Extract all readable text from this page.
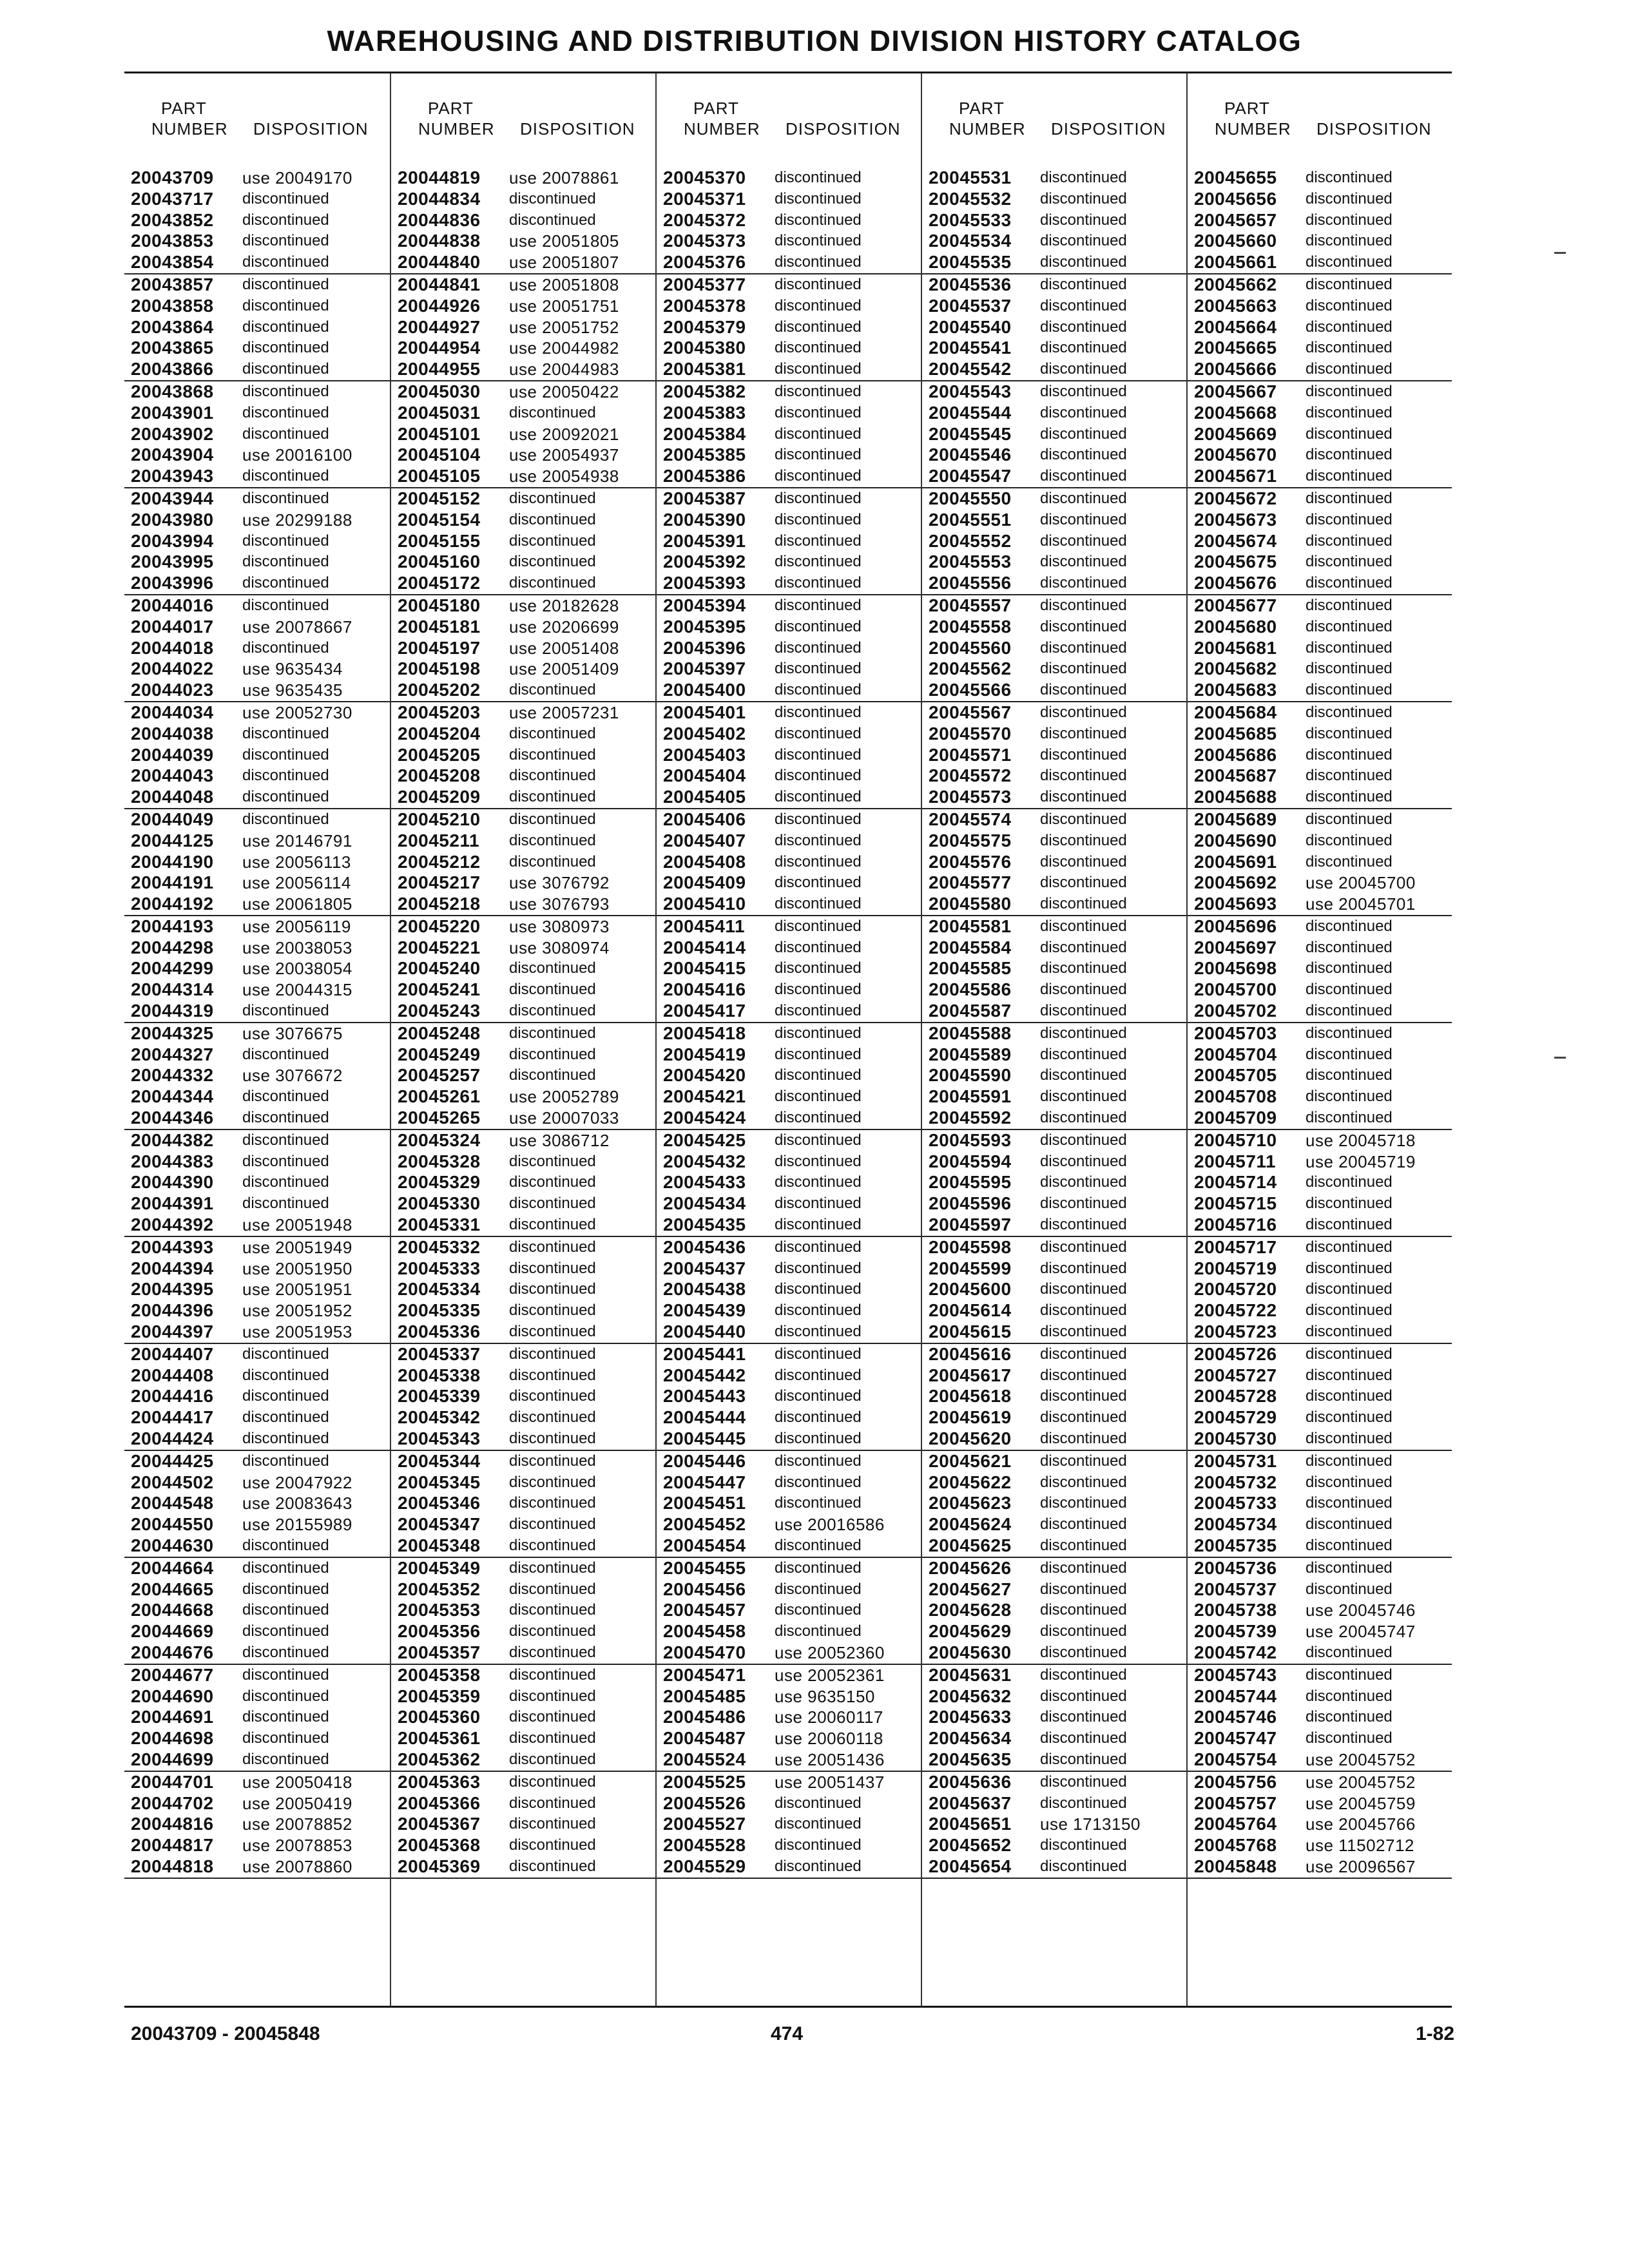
WAREHOUSING AND DISTRIBUTION DIVISION HISTORY CATALOG
PART
NUMBER DISPOSITION
20043709 use 20049170
20043717 discontinued
20043852 discontinued
20043853 discontinued
20043854 discontinued
20043857 discontinued
20043858 discontinued
20043864 discontinued
20043865 discontinued
20043866 discontinued
20043868 discontinued
20043901 discontinued
20043902 discontinued
20043904 use 20016100
20043943 discontinued
20043944 discontinued
20043980 use 20299188
20043994 discontinued
20043995 discontinued
20043996 discontinued
20044016 discontinued
20044017 use 20078667
20044018 discontinued
20044022 use 9635434
20044023 use 9635435
20044034 use 20052730
20044038 discontinued
20044039 discontinued
20044043 discontinued
20044048 discontinued
20044049 discontinued
20044125 use 20146791
20044190 use 20056113
20044191 use 20056114
20044192 use 20061805
20044193 use 20056119
20044298 use 20038053
20044299 use 20038054
20044314 use 20044315
20044319 discontinued
20044325 use 3076675
20044327 discontinued
20044332 use 3076672
20044344 discontinued
20044346 discontinued
20044382 discontinued
20044383 discontinued
20044390 discontinued
20044391 discontinued
20044392 use 20051948
20044393 use 20051949
20044394 use 20051950
20044395 use 20051951
20044396 use 20051952
20044397 use 20051953
20044407 discontinued
20044408 discontinued
20044416 discontinued
20044417 discontinued
20044424 discontinued
20044425 discontinued
20044502 use 20047922
20044548 use 20083643
20044550 use 20155989
20044630 discontinued
20044664 discontinued
20044665 discontinued
20044668 discontinued
20044669 discontinued
20044676 discontinued
20044677 discontinued
20044690 discontinued
20044691 discontinued
20044698 discontinued
20044699 discontinued
20044701 use 20050418
20044702 use 20050419
20044816 use 20078852
20044817 use 20078853
20044818 use 20078860
PART
NUMBER DISPOSITION
20044819 use 20078861
20044834 discontinued
20044836 discontinued
20044838 use 20051805
20044840 use 20051807
20044841 use 20051808
20044926 use 20051751
20044927 use 20051752
20044954 use 20044982
20044955 use 20044983
20045030 use 20050422
20045031 discontinued
20045101 use 20092021
20045104 use 20054937
20045105 use 20054938
20045152 discontinued
20045154 discontinued
20045155 discontinued
20045160 discontinued
20045172 discontinued
20045180 use 20182628
20045181 use 20206699
20045197 use 20051408
20045198 use 20051409
20045202 discontinued
20045203 use 20057231
20045204 discontinued
20045205 discontinued
20045208 discontinued
20045209 discontinued
20045210 discontinued
20045211 discontinued
20045212 discontinued
20045217 use 3076792
20045218 use 3076793
20045220 use 3080973
20045221 use 3080974
20045240 discontinued
20045241 discontinued
20045243 discontinued
20045248 discontinued
20045249 discontinued
20045257 discontinued
20045261 use 20052789
20045265 use 20007033
20045324 use 3086712
20045328 discontinued
20045329 discontinued
20045330 discontinued
20045331 discontinued
20045332 discontinued
20045333 discontinued
20045334 discontinued
20045335 discontinued
20045336 discontinued
20045337 discontinued
20045338 discontinued
20045339 discontinued
20045342 discontinued
20045343 discontinued
20045344 discontinued
20045345 discontinued
20045346 discontinued
20045347 discontinued
20045348 discontinued
20045349 discontinued
20045352 discontinued
20045353 discontinued
20045356 discontinued
20045357 discontinued
20045358 discontinued
20045359 discontinued
20045360 discontinued
20045361 discontinued
20045362 discontinued
20045363 discontinued
20045366 discontinued
20045367 discontinued
20045368 discontinued
20045369 discontinued
PART
NUMBER DISPOSITION
20045370 discontinued
20045371 discontinued
20045372 discontinued
20045373 discontinued
20045376 discontinued
20045377 discontinued
20045378 discontinued
20045379 discontinued
20045380 discontinued
20045381 discontinued
20045382 discontinued
20045383 discontinued
20045384 discontinued
20045385 discontinued
20045386 discontinued
20045387 discontinued
20045390 discontinued
20045391 discontinued
20045392 discontinued
20045393 discontinued
20045394 discontinued
20045395 discontinued
20045396 discontinued
20045397 discontinued
20045400 discontinued
20045401 discontinued
20045402 discontinued
20045403 discontinued
20045404 discontinued
20045405 discontinued
20045406 discontinued
20045407 discontinued
20045408 discontinued
20045409 discontinued
20045410 discontinued
20045411 discontinued
20045414 discontinued
20045415 discontinued
20045416 discontinued
20045417 discontinued
20045418 discontinued
20045419 discontinued
20045420 discontinued
20045421 discontinued
20045424 discontinued
20045425 discontinued
20045432 discontinued
20045433 discontinued
20045434 discontinued
20045435 discontinued
20045436 discontinued
20045437 discontinued
20045438 discontinued
20045439 discontinued
20045440 discontinued
20045441 discontinued
20045442 discontinued
20045443 discontinued
20045444 discontinued
20045445 discontinued
20045446 discontinued
20045447 discontinued
20045451 discontinued
20045452 use 20016586
20045454 discontinued
20045455 discontinued
20045456 discontinued
20045457 discontinued
20045458 discontinued
20045470 use 20052360
20045471 use 20052361
20045485 use 9635150
20045486 use 20060117
20045487 use 20060118
20045524 use 20051436
20045525 use 20051437
20045526 discontinued
20045527 discontinued
20045528 discontinued
20045529 discontinued
PART
NUMBER DISPOSITION
20045531 discontinued
20045532 discontinued
20045533 discontinued
20045534 discontinued
20045535 discontinued
20045536 discontinued
20045537 discontinued
20045540 discontinued
20045541 discontinued
20045542 discontinued
20045543 discontinued
20045544 discontinued
20045545 discontinued
20045546 discontinued
20045547 discontinued
20045550 discontinued
20045551 discontinued
20045552 discontinued
20045553 discontinued
20045556 discontinued
20045557 discontinued
20045558 discontinued
20045560 discontinued
20045562 discontinued
20045566 discontinued
20045567 discontinued
20045570 discontinued
20045571 discontinued
20045572 discontinued
20045573 discontinued
20045574 discontinued
20045575 discontinued
20045576 discontinued
20045577 discontinued
20045580 discontinued
20045581 discontinued
20045584 discontinued
20045585 discontinued
20045586 discontinued
20045587 discontinued
20045588 discontinued
20045589 discontinued
20045590 discontinued
20045591 discontinued
20045592 discontinued
20045593 discontinued
20045594 discontinued
20045595 discontinued
20045596 discontinued
20045597 discontinued
20045598 discontinued
20045599 discontinued
20045600 discontinued
20045614 discontinued
20045615 discontinued
20045616 discontinued
20045617 discontinued
20045618 discontinued
20045619 discontinued
20045620 discontinued
20045621 discontinued
20045622 discontinued
20045623 discontinued
20045624 discontinued
20045625 discontinued
20045626 discontinued
20045627 discontinued
20045628 discontinued
20045629 discontinued
20045630 discontinued
20045631 discontinued
20045632 discontinued
20045633 discontinued
20045634 discontinued
20045635 discontinued
20045636 discontinued
20045637 discontinued
20045651 use 1713150
20045652 discontinued
20045654 discontinued
PART
NUMBER DISPOSITION
20045655 discontinued
20045656 discontinued
20045657 discontinued
20045660 discontinued
20045661 discontinued
20045662 discontinued
20045663 discontinued
20045664 discontinued
20045665 discontinued
20045666 discontinued
20045667 discontinued
20045668 discontinued
20045669 discontinued
20045670 discontinued
20045671 discontinued
20045672 discontinued
20045673 discontinued
20045674 discontinued
20045675 discontinued
20045676 discontinued
20045677 discontinued
20045680 discontinued
20045681 discontinued
20045682 discontinued
20045683 discontinued
20045684 discontinued
20045685 discontinued
20045686 discontinued
20045687 discontinued
20045688 discontinued
20045689 discontinued
20045690 discontinued
20045691 discontinued
20045692 use 20045700
20045693 use 20045701
20045696 discontinued
20045697 discontinued
20045698 discontinued
20045700 discontinued
20045702 discontinued
20045703 discontinued
20045704 discontinued
20045705 discontinued
20045708 discontinued
20045709 discontinued
20045710 use 20045718
20045711 use 20045719
20045714 discontinued
20045715 discontinued
20045716 discontinued
20045717 discontinued
20045719 discontinued
20045720 discontinued
20045722 discontinued
20045723 discontinued
20045726 discontinued
20045727 discontinued
20045728 discontinued
20045729 discontinued
20045730 discontinued
20045731 discontinued
20045732 discontinued
20045733 discontinued
20045734 discontinued
20045735 discontinued
20045736 discontinued
20045737 discontinued
20045738 use 20045746
20045739 use 20045747
20045742 discontinued
20045743 discontinued
20045744 discontinued
20045746 discontinued
20045747 discontinued
20045754 use 20045752
20045756 use 20045752
20045757 use 20045759
20045764 use 20045766
20045768 use 11502712
20045848 use 20096567
20043709 - 20045848	474	1-82
